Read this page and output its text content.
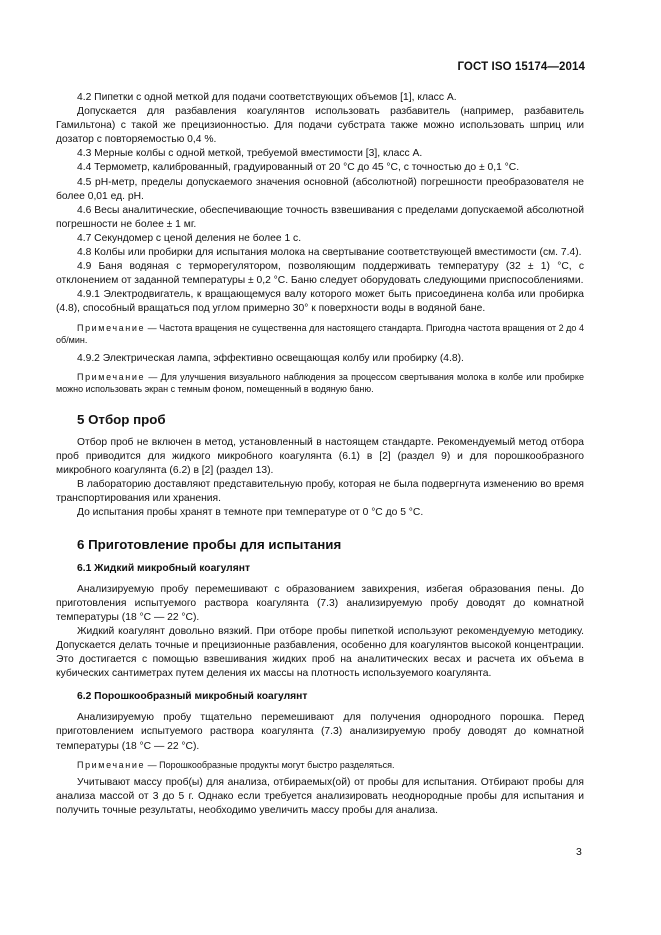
ГОСТ ISO 15174—2014

4.2 Пипетки с одной меткой для подачи соответствующих объемов [1], класс А.

Допускается для разбавления коагулянтов использовать разбавитель (например, разбавитель Гамильтона) с такой же прецизионностью. Для подачи субстрата также можно использовать шприц или дозатор с повторяемостью 0,4 %.

4.3 Мерные колбы с одной меткой, требуемой вместимости [3], класс А.

4.4 Термометр, калиброванный, градуированный от 20 °С до 45 °С, с точностью до ± 0,1 °С.

4.5 pH-метр, пределы допускаемого значения основной (абсолютной) погрешности преобразователя не более 0,01 ед. pH.

4.6 Весы аналитические, обеспечивающие точность взвешивания с пределами допускаемой абсолютной погрешности не более ± 1 мг.

4.7 Секундомер с ценой деления не более 1 с.

4.8 Колбы или пробирки для испытания молока на свертывание соответствующей вместимости (см. 7.4).

4.9 Баня водяная с терморегулятором, позволяющим поддерживать температуру (32 ± 1) °С, с отклонением от заданной температуры ± 0,2 °С. Баню следует оборудовать следующими приспособлениями.

4.9.1 Электродвигатель, к вращающемуся валу которого может быть присоединена колба или пробирка (4.8), способный вращаться под углом примерно 30° к поверхности воды в водяной бане.

Примечание — Частота вращения не существенна для настоящего стандарта. Пригодна частота вращения от 2 до 4 об/мин.

4.9.2 Электрическая лампа, эффективно освещающая колбу или пробирку (4.8).

Примечание — Для улучшения визуального наблюдения за процессом свертывания молока в колбе или пробирке можно использовать экран с темным фоном, помещенный в водяную баню.

5 Отбор проб

Отбор проб не включен в метод, установленный в настоящем стандарте. Рекомендуемый метод отбора проб приводится для жидкого микробного коагулянта (6.1) в [2] (раздел 9) и для порошкообразного микробного коагулянта (6.2) в [2] (раздел 13).

В лабораторию доставляют представительную пробу, которая не была подвергнута изменению во время транспортирования или хранения.

До испытания пробы хранят в темноте при температуре от 0 °С до 5 °С.

6 Приготовление пробы для испытания

6.1 Жидкий микробный коагулянт

Анализируемую пробу перемешивают с образованием завихрения, избегая образования пены. До приготовления испытуемого раствора коагулянта (7.3) анализируемую пробу доводят до комнатной температуры (18 °С — 22 °С).

Жидкий коагулянт довольно вязкий. При отборе пробы пипеткой используют рекомендуемую методику. Допускается делать точные и прецизионные разбавления, особенно для коагулянтов высокой концентрации. Это достигается с помощью взвешивания жидких проб на аналитических весах и расчета их объема в кубических сантиметрах путем деления их массы на плотность используемого коагулянта.

6.2 Порошкообразный микробный коагулянт

Анализируемую пробу тщательно перемешивают для получения однородного порошка. Перед приготовлением испытуемого раствора коагулянта (7.3) анализируемую пробу доводят до комнатной температуры (18 °С — 22 °С).

Примечание — Порошкообразные продукты могут быстро разделяться.

Учитывают массу проб(ы) для анализа, отбираемых(ой) от пробы для испытания. Отбирают пробы для анализа массой от 3 до 5 г. Однако если требуется анализировать неоднородные пробы для испытания и получить точные результаты, необходимо увеличить массу пробы для анализа.

3
